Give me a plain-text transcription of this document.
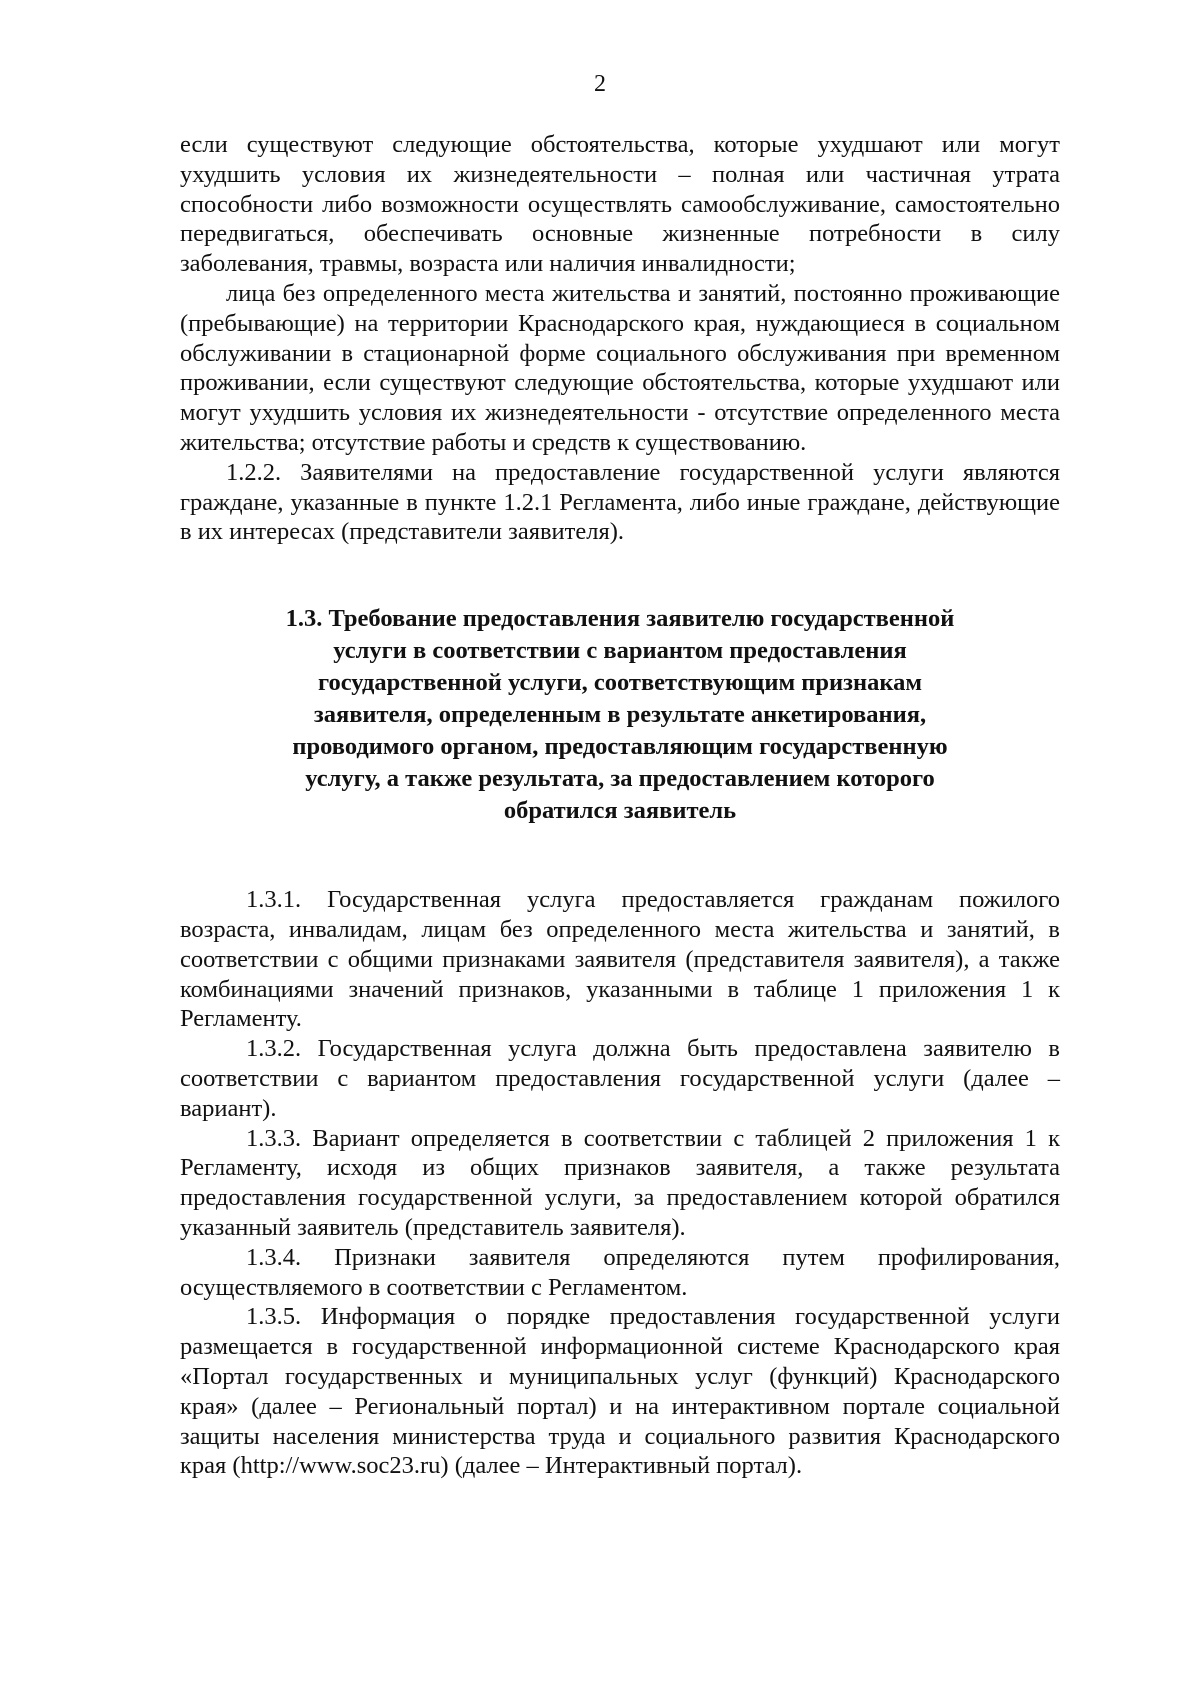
2

если существуют следующие обстоятельства, которые ухудшают или могут ухудшить условия их жизнедеятельности – полная или частичная утрата способности либо возможности осуществлять самообслуживание, самостоятельно передвигаться, обеспечивать основные жизненные потребности в силу заболевания, травмы, возраста или наличия инвалидности;

лица без определенного места жительства и занятий, постоянно проживающие (пребывающие) на территории Краснодарского края, нуждающиеся в социальном обслуживании в стационарной форме социального обслуживания при временном проживании, если существуют следующие обстоятельства, которые ухудшают или могут ухудшить условия их жизнедеятельности - отсутствие определенного места жительства; отсутствие работы и средств к существованию.

1.2.2. Заявителями на предоставление государственной услуги являются граждане, указанные в пункте 1.2.1 Регламента, либо иные граждане, действующие в их интересах (представители заявителя).

1.3. Требование предоставления заявителю государственной услуги в соответствии с вариантом предоставления государственной услуги, соответствующим признакам заявителя, определенным в результате анкетирования, проводимого органом, предоставляющим государственную услугу, а также результата, за предоставлением которого обратился заявитель

1.3.1. Государственная услуга предоставляется гражданам пожилого возраста, инвалидам, лицам без определенного места жительства и занятий, в соответствии с общими признаками заявителя (представителя заявителя), а также комбинациями значений признаков, указанными в таблице 1 приложения 1 к Регламенту.

1.3.2. Государственная услуга должна быть предоставлена заявителю в соответствии с вариантом предоставления государственной услуги (далее – вариант).

1.3.3. Вариант определяется в соответствии с таблицей 2 приложения 1 к Регламенту, исходя из общих признаков заявителя, а также результата предоставления государственной услуги, за предоставлением которой обратился указанный заявитель (представитель заявителя).

1.3.4. Признаки заявителя определяются путем профилирования, осуществляемого в соответствии с Регламентом.

1.3.5. Информация о порядке предоставления государственной услуги размещается в государственной информационной системе Краснодарского края «Портал государственных и муниципальных услуг (функций) Краснодарского края» (далее – Региональный портал) и на интерактивном портале социальной защиты населения министерства труда и социального развития Краснодарского края (http://www.soc23.ru) (далее – Интерактивный портал).
